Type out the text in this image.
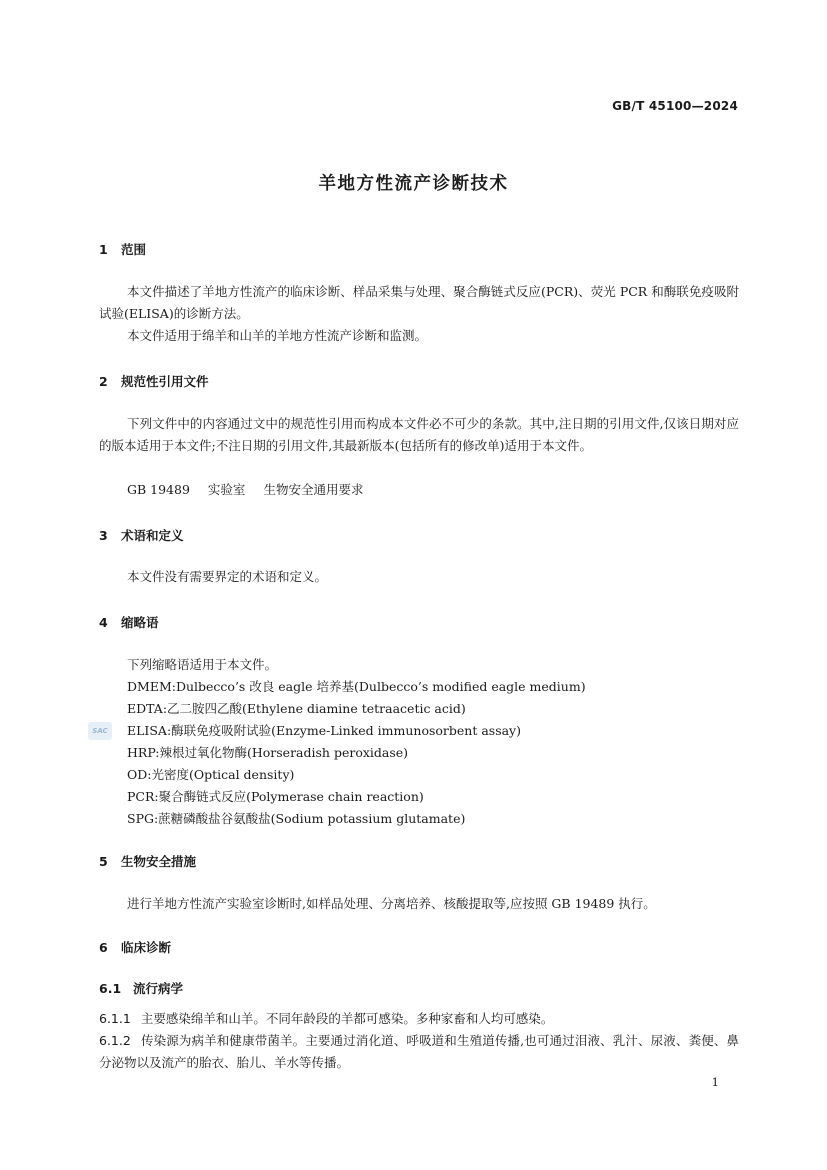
GB/T 45100—2024
羊地方性流产诊断技术
SAC
1 范围
本文件描述了羊地方性流产的临床诊断、样品采集与处理、聚合酶链式反应(PCR)、荧光 PCR 和酶联免疫吸附试验(ELISA)的诊断方法。
本文件适用于绵羊和山羊的羊地方性流产诊断和监测。
2 规范性引用文件
下列文件中的内容通过文中的规范性引用而构成本文件必不可少的条款。其中,注日期的引用文件,仅该日期对应的版本适用于本文件;不注日期的引用文件,其最新版本(包括所有的修改单)适用于本文件。
GB 19489 实验室 生物安全通用要求
3 术语和定义
本文件没有需要界定的术语和定义。
4 缩略语
下列缩略语适用于本文件。
DMEM:Dulbecco’s 改良 eagle 培养基(Dulbecco’s modified eagle medium)
EDTA:乙二胺四乙酸(Ethylene diamine tetraacetic acid)
ELISA:酶联免疫吸附试验(Enzyme-Linked immunosorbent assay)
HRP:辣根过氧化物酶(Horseradish peroxidase)
OD:光密度(Optical density)
PCR:聚合酶链式反应(Polymerase chain reaction)
SPG:蔗糖磷酸盐谷氨酸盐(Sodium potassium glutamate)
5 生物安全措施
进行羊地方性流产实验室诊断时,如样品处理、分离培养、核酸提取等,应按照 GB 19489 执行。
6 临床诊断
6.1 流行病学
6.1.1 主要感染绵羊和山羊。不同年龄段的羊都可感染。多种家畜和人均可感染。
6.1.2 传染源为病羊和健康带菌羊。主要通过消化道、呼吸道和生殖道传播,也可通过泪液、乳汁、尿液、粪便、鼻分泌物以及流产的胎衣、胎儿、羊水等传播。
1
